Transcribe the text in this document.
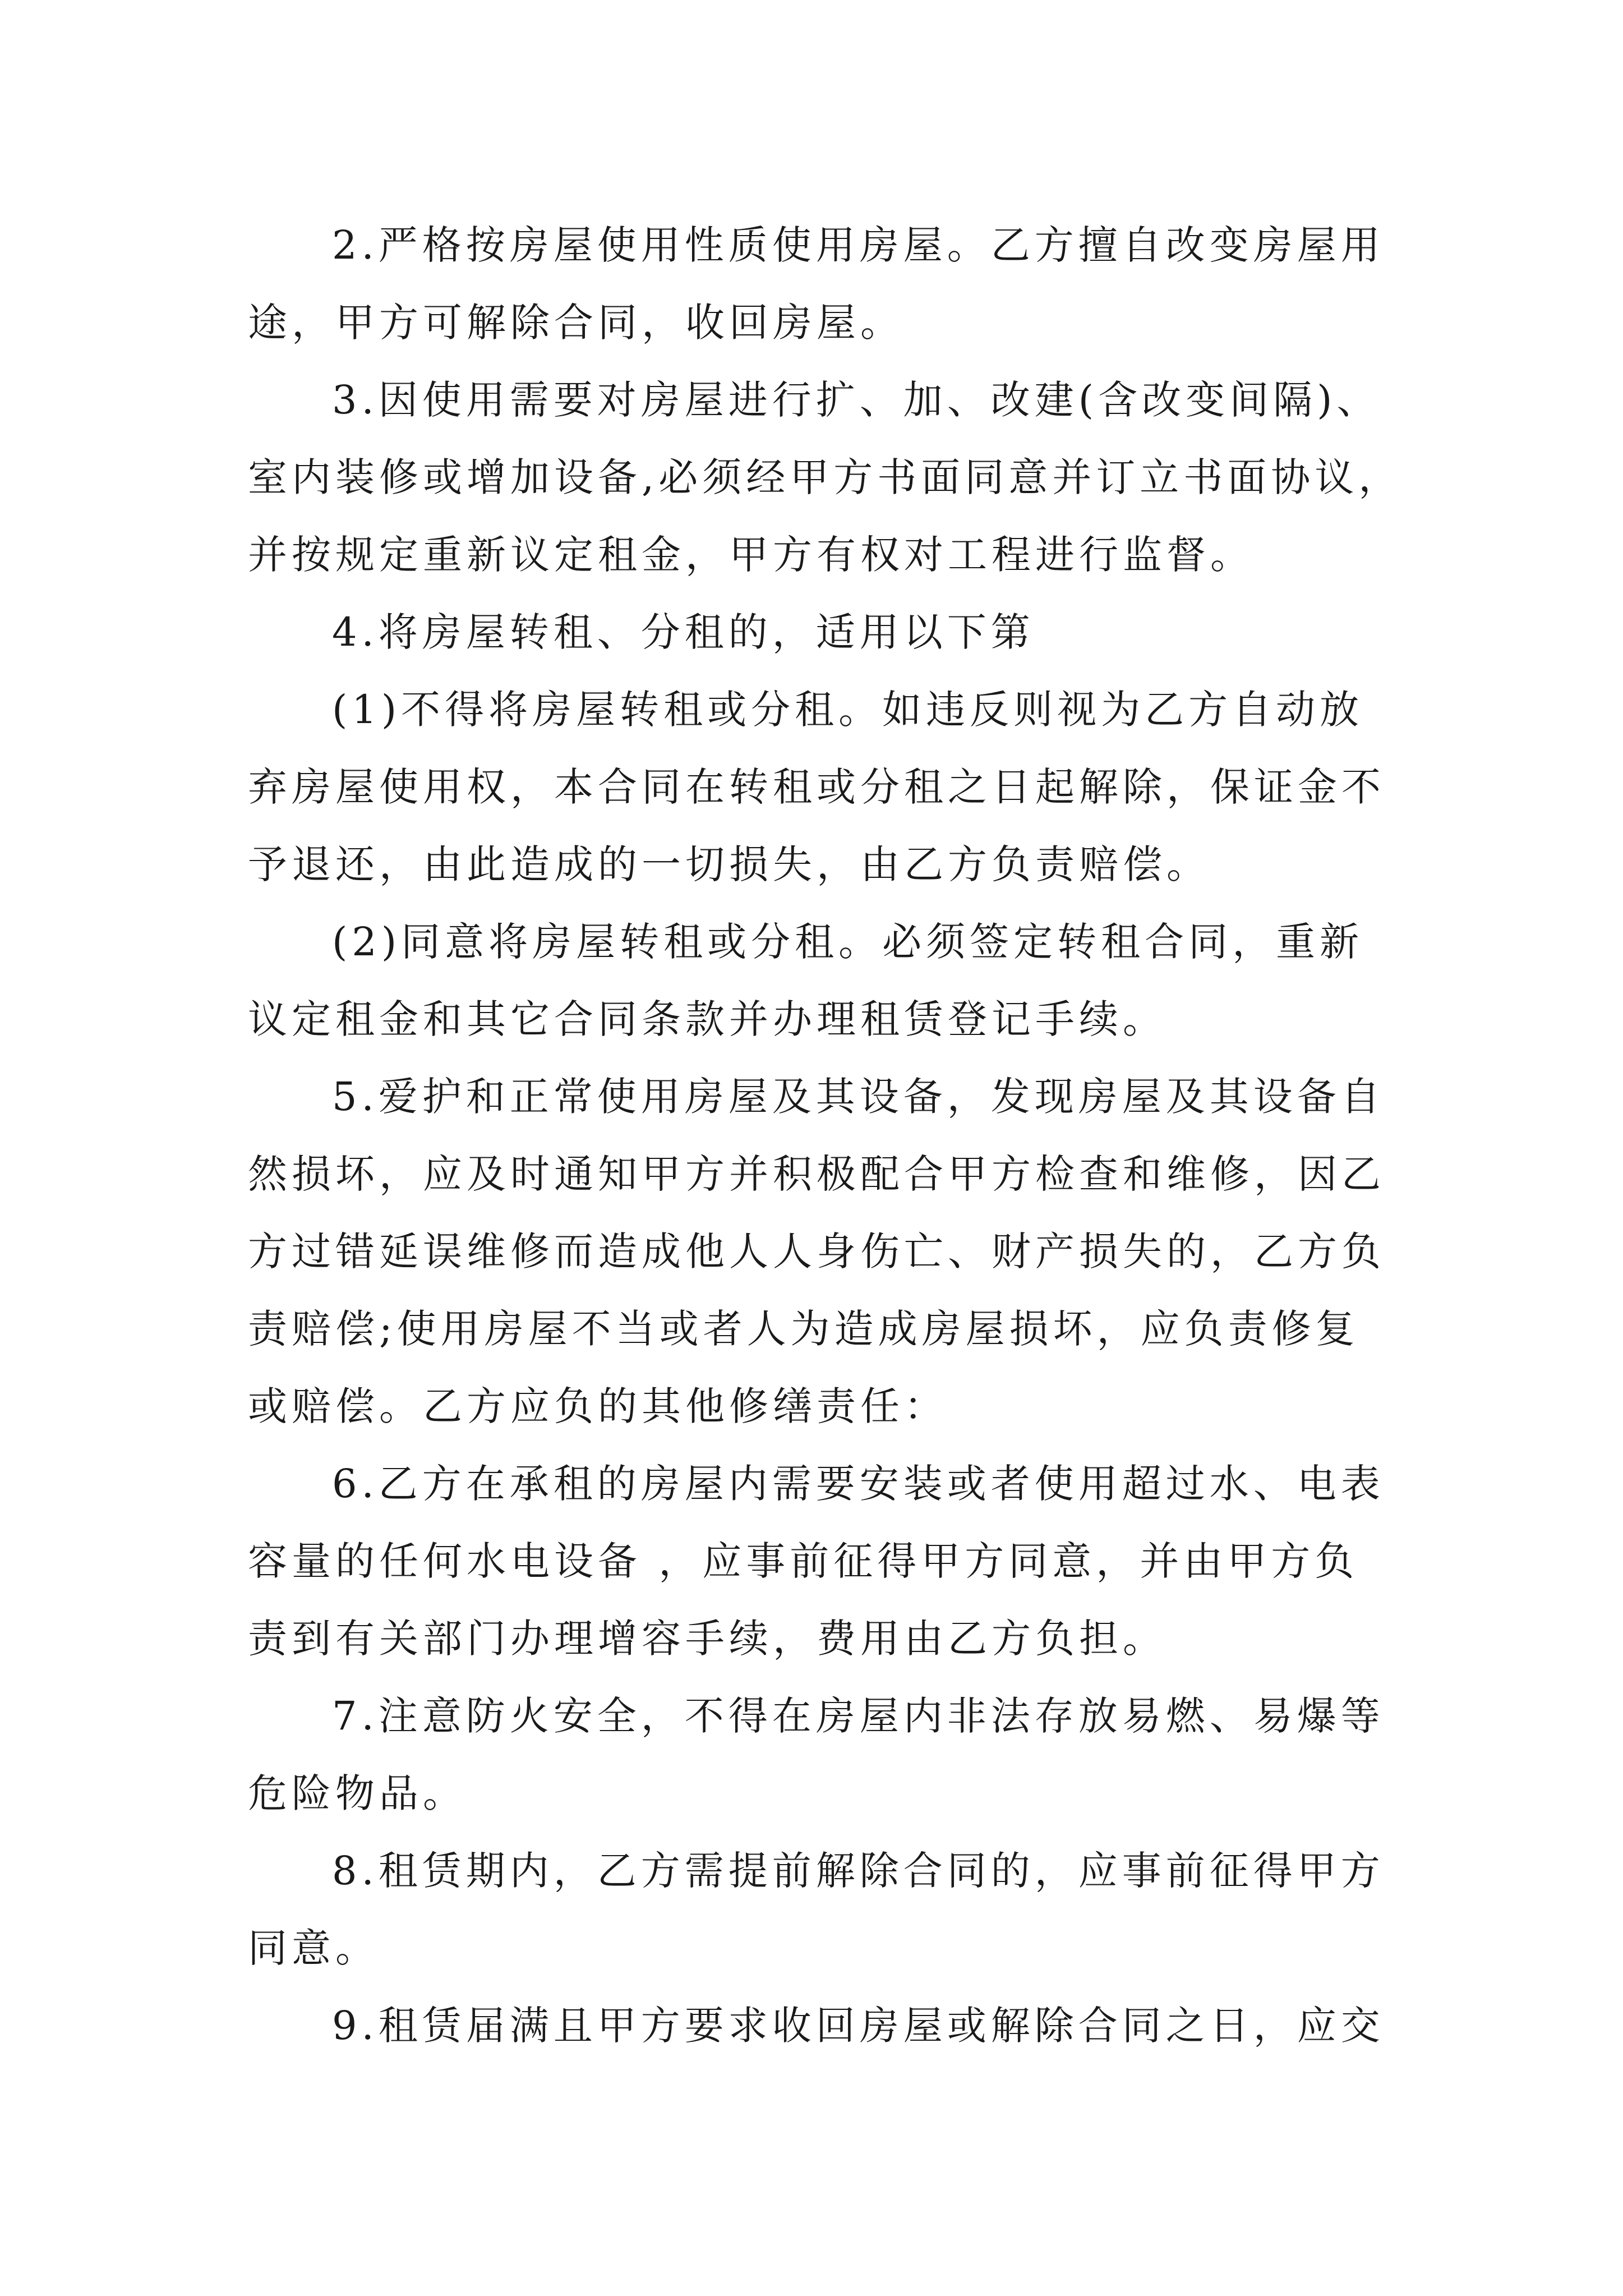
2.严格按房屋使用性质使用房屋。乙方擅自改变房屋用
途，甲方可解除合同，收回房屋。
3.因使用需要对房屋进行扩、加、改建(含改变间隔)、
室内装修或增加设备,必须经甲方书面同意并订立书面协议，
并按规定重新议定租金，甲方有权对工程进行监督。
4.将房屋转租、分租的，适用以下第
(1)不得将房屋转租或分租。如违反则视为乙方自动放
弃房屋使用权，本合同在转租或分租之日起解除，保证金不
予退还，由此造成的一切损失，由乙方负责赔偿。
(2)同意将房屋转租或分租。必须签定转租合同，重新
议定租金和其它合同条款并办理租赁登记手续。
5.爱护和正常使用房屋及其设备，发现房屋及其设备自
然损坏，应及时通知甲方并积极配合甲方检查和维修，因乙
方过错延误维修而造成他人人身伤亡、财产损失的，乙方负
责赔偿;使用房屋不当或者人为造成房屋损坏，应负责修复
或赔偿。乙方应负的其他修缮责任：
6.乙方在承租的房屋内需要安装或者使用超过水、电表
容量的任何水电设备 ，应事前征得甲方同意，并由甲方负
责到有关部门办理增容手续，费用由乙方负担。
7.注意防火安全，不得在房屋内非法存放易燃、易爆等
危险物品。
8.租赁期内，乙方需提前解除合同的，应事前征得甲方
同意。
9.租赁届满且甲方要求收回房屋或解除合同之日，应交
